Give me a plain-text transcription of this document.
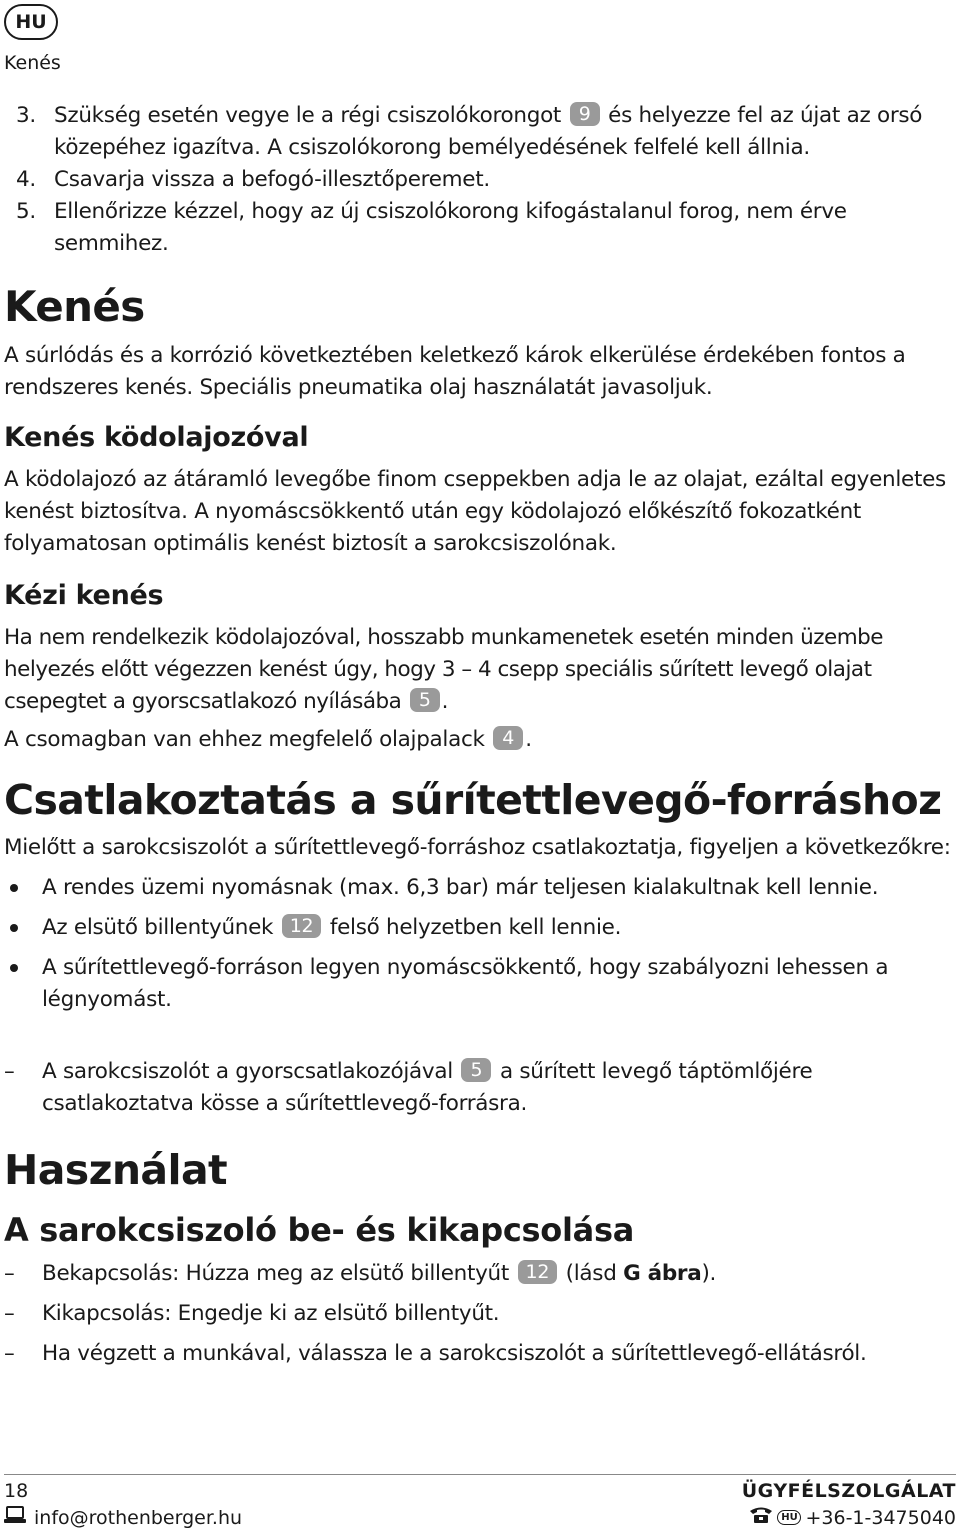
HU
Kenés
3. Szükség esetén vegye le a régi csiszolókorongot 9 és helyezze fel az újat az orsó közepéhez igazítva. A csiszolókorong bemélyedésének felfelé kell állnia.
4. Csavarja vissza a befogó-illesztőperemet.
5. Ellenőrizze kézzel, hogy az új csiszolókorong kifogástalanul forog, nem érve semmihez.
Kenés

A súrlódás és a korrózió következtében keletkező károk elkerülése érdekében fontos a rendszeres kenés. Speciális pneumatika olaj használatát javasoljuk.

Kenés ködolajozóval

A ködolajozó az átáramló levegőbe finom cseppekben adja le az olajat, ezáltal egyenletes kenést biztosítva. A nyomáscsökkentő után egy ködolajozó előkészítő fokozatként folyamatosan optimális kenést biztosít a sarokcsiszolónak.

Kézi kenés

Ha nem rendelkezik ködolajozóval, hosszabb munkamenetek esetén minden üzembe helyezés előtt végezzen kenést úgy, hogy 3 – 4 csepp speciális sűrített levegő olajat csepegtet a gyorscsatlakozó nyílásába 5 .

A csomagban van ehhez megfelelő olajpalack 4 .

Csatlakoztatás a sűrítettlevegő-forráshoz

Mielőtt a sarokcsiszolót a sűrítettlevegő-forráshoz csatlakoztatja, figyeljen a következőkre:

A rendes üzemi nyomásnak (max. 6,3 bar) már teljesen kialakultnak kell lennie.
Az elsütő billentyűnek 12 felső helyzetben kell lennie.
A sűrítettlevegő-forráson legyen nyomáscsökkentő, hogy szabályozni lehessen a légnyomást.
–	A sarokcsiszolót a gyorscsatlakozójával 5 a sűrített levegő táptömlőjére csatlakoztatva kösse a sűrítettlevegő-forrásra.
Használat
A sarokcsiszoló be- és kikapcsolása
–	Bekapcsolás: Húzza meg az elsütő billentyűt 12 (lásd G ábra).
–	Kikapcsolás: Engedje ki az elsütő billentyűt.
–	Ha végzett a munkával, válassza le a sarokcsiszolót a sűrítettlevegő-ellátásról.
18
info@rothenberger.hu
ÜGYFÉLSZOLGÁLAT
HU +36-1-3475040
